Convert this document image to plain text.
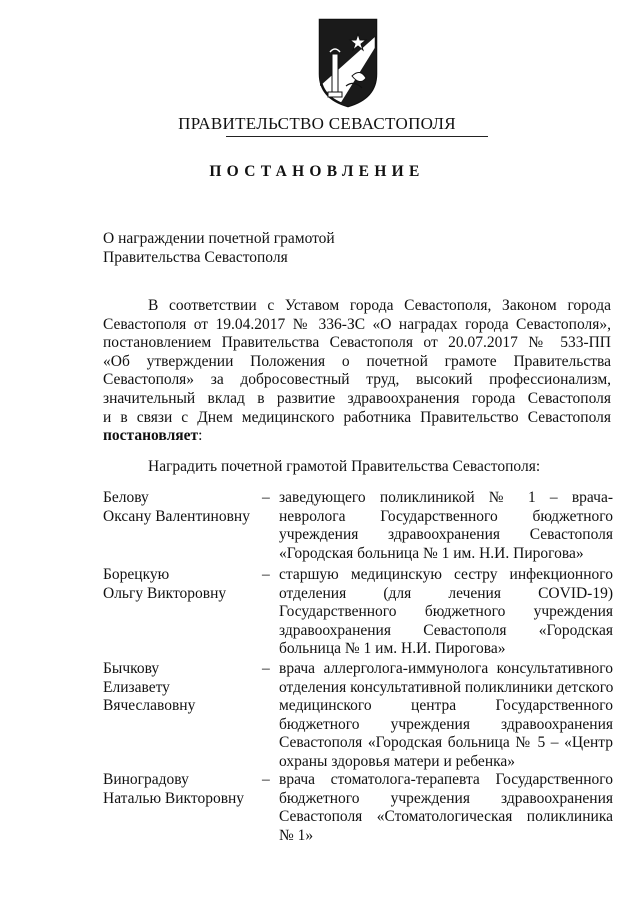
ПРАВИТЕЛЬСТВО СЕВАСТОПОЛЯ
ПОСТАНОВЛЕНИЕ
О награждении почетной грамотой
Правительства Севастополя
В соответствии с Уставом города Севастополя, Законом города
Севастополя от 19.04.2017 № 336-ЗС «О наградах города Севастополя»,
постановлением Правительства Севастополя от 20.07.2017 № 533-ПП
«Об утверждении Положения о почетной грамоте Правительства
Севастополя» за добросовестный труд, высокий профессионализм,
значительный вклад в развитие здравоохранения города Севастополя
и в связи с Днем медицинского работника Правительство Севастополя
постановляет:
Наградить почетной грамотой Правительства Севастополя:
Белову
Оксану Валентиновну
– заведующего поликлиникой № 1 – врача-
невролога Государственного бюджетного
учреждения здравоохранения Севастополя
«Городская больница № 1 им. Н.И. Пирогова»
Борецкую
Ольгу Викторовну
– старшую медицинскую сестру инфекционного
отделения (для лечения COVID-19)
Государственного бюджетного учреждения
здравоохранения Севастополя «Городская
больница № 1 им. Н.И. Пирогова»
Бычкову
Елизавету
Вячеславовну
– врача аллерголога-иммунолога консультативного
отделения консультативной поликлиники детского
медицинского центра Государственного
бюджетного учреждения здравоохранения
Севастополя «Городская больница № 5 – «Центр
охраны здоровья матери и ребенка»
Виноградову
Наталью Викторовну
– врача стоматолога-терапевта Государственного
бюджетного учреждения здравоохранения
Севастополя «Стоматологическая поликлиника
№ 1»
